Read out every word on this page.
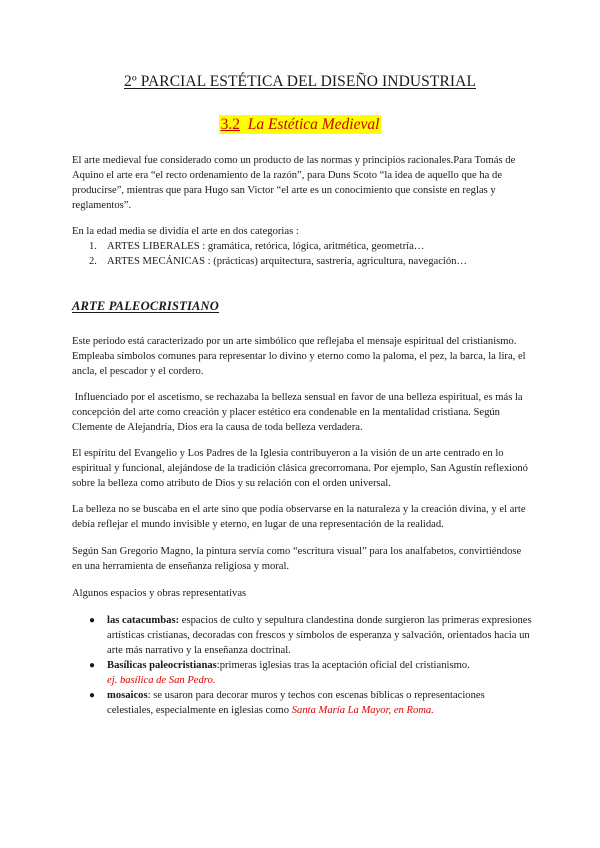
2º PARCIAL ESTÉTICA DEL DISEÑO INDUSTRIAL
3.2 La Estética Medieval

El arte medieval fue considerado como un producto de las normas y principios racionales.Para Tomás de Aquino el arte era “el recto ordenamiento de la razón”, para Duns Scoto “la idea de aquello que ha de producirse”, mientras que para Hugo san Victor “el arte es un conocimiento que consiste en reglas y reglamentos”.

En la edad media se dividía el arte en dos categorias :

1. ARTES LIBERALES : gramática, retórica, lógica, aritmética, geometría…
2. ARTES MECÁNICAS : (prácticas) arquitectura, sastrería, agricultura, navegación…
ARTE PALEOCRISTIANO

Este periodo está caracterizado por un arte simbólico que reflejaba el mensaje espiritual del cristianismo. Empleaba símbolos comunes para representar lo divino y eterno como la paloma, el pez, la barca, la lira, el ancla, el pescador y el cordero.

Influenciado por el ascetismo, se rechazaba la belleza sensual en favor de una belleza espiritual, es más la concepción del arte como creación y placer estético era condenable en la mentalidad cristiana. Según Clemente de Alejandría, Dios era la causa de toda belleza verdadera.

El espíritu del Evangelio y Los Padres de la Iglesia contribuyeron a la visión de un arte centrado en lo espiritual y funcional, alejándose de la tradición clásica grecorromana. Por ejemplo, San Agustín reflexionó sobre la belleza como atributo de Dios y su relación con el orden universal.

La belleza no se buscaba en el arte sino que podía observarse en la naturaleza y la creación divina, y el arte debía reflejar el mundo invisible y eterno, en lugar de una representación de la realidad.

Según San Gregorio Magno, la pintura servía como “escritura visual” para los analfabetos, convirtiéndose en una herramienta de enseñanza religiosa y moral.

Algunos espacios y obras representativas

● las catacumbas: espacios de culto y sepultura clandestina donde surgieron las primeras expresiones artísticas cristianas, decoradas con frescos y símbolos de esperanza y salvación, orientados hacia un arte más narrativo y la enseñanza doctrinal.
● Basílicas paleocristianas:primeras iglesias tras la aceptación oficial del cristianismo.
ej. basílica de San Pedro.
● mosaicos: se usaron para decorar muros y techos con escenas bíblicas o representaciones celestiales, especialmente en iglesias como Santa María La Mayor, en Roma.
